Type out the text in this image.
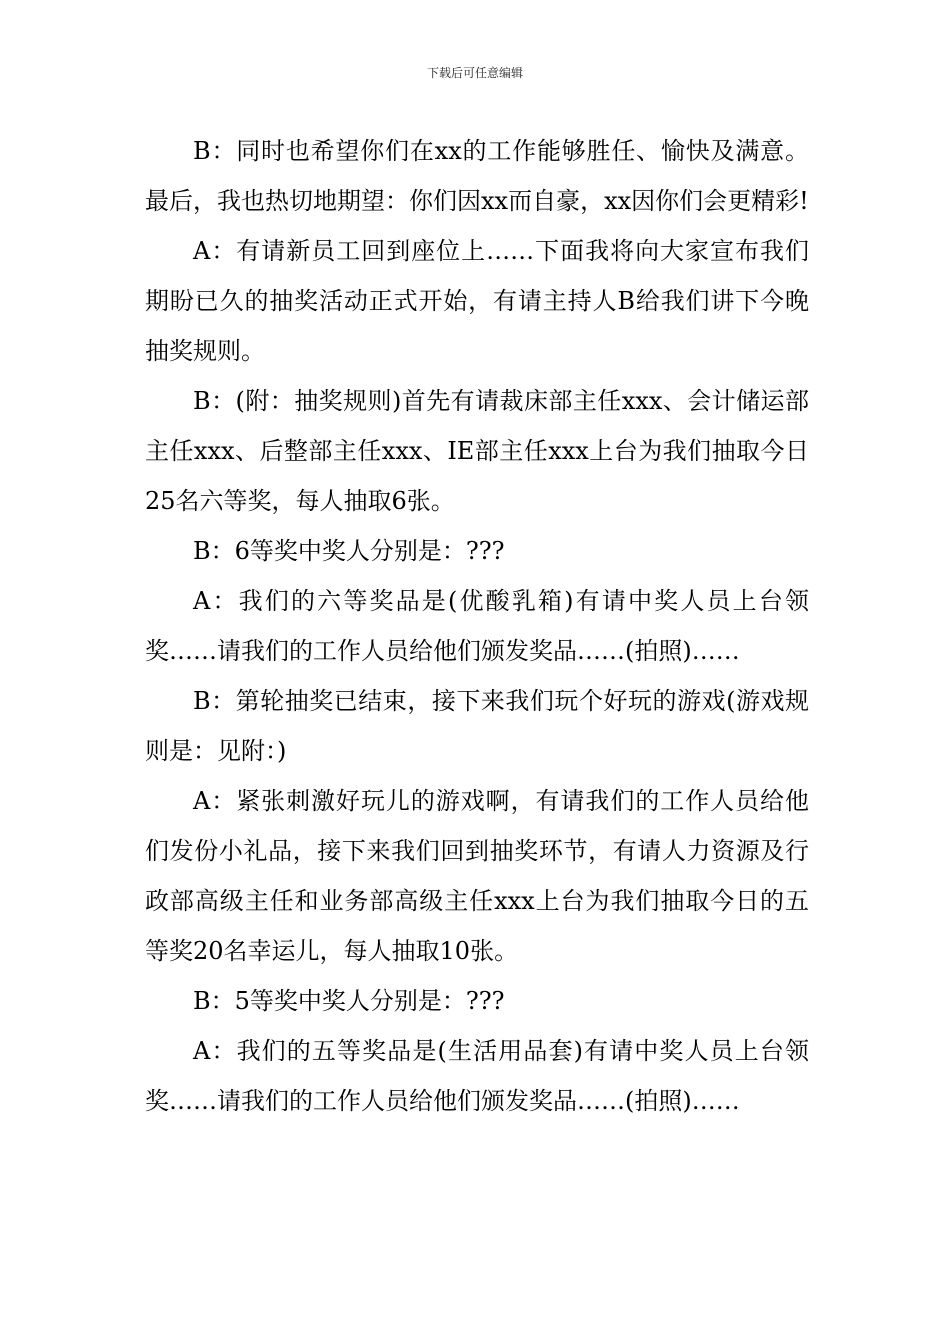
下载后可任意编辑

B：同时也希望你们在xx的工作能够胜任、愉快及满意。最后，我也热切地期望：你们因xx而自豪，xx因你们会更精彩!

A：有请新员工回到座位上……下面我将向大家宣布我们期盼已久的抽奖活动正式开始，有请主持人B给我们讲下今晚抽奖规则。

B：(附：抽奖规则)首先有请裁床部主任xxx、会计储运部主任xxx、后整部主任xxx、IE部主任xxx上台为我们抽取今日25名六等奖，每人抽取6张。

B：6等奖中奖人分别是：???

A：我们的六等奖品是(优酸乳箱)有请中奖人员上台领奖……请我们的工作人员给他们颁发奖品……(拍照)……

B：第轮抽奖已结束，接下来我们玩个好玩的游戏(游戏规则是：见附：)

A：紧张刺激好玩儿的游戏啊，有请我们的工作人员给他们发份小礼品，接下来我们回到抽奖环节，有请人力资源及行政部高级主任和业务部高级主任xxx上台为我们抽取今日的五等奖20名幸运儿，每人抽取10张。

B：5等奖中奖人分别是：???

A：我们的五等奖品是(生活用品套)有请中奖人员上台领奖……请我们的工作人员给他们颁发奖品……(拍照)……
